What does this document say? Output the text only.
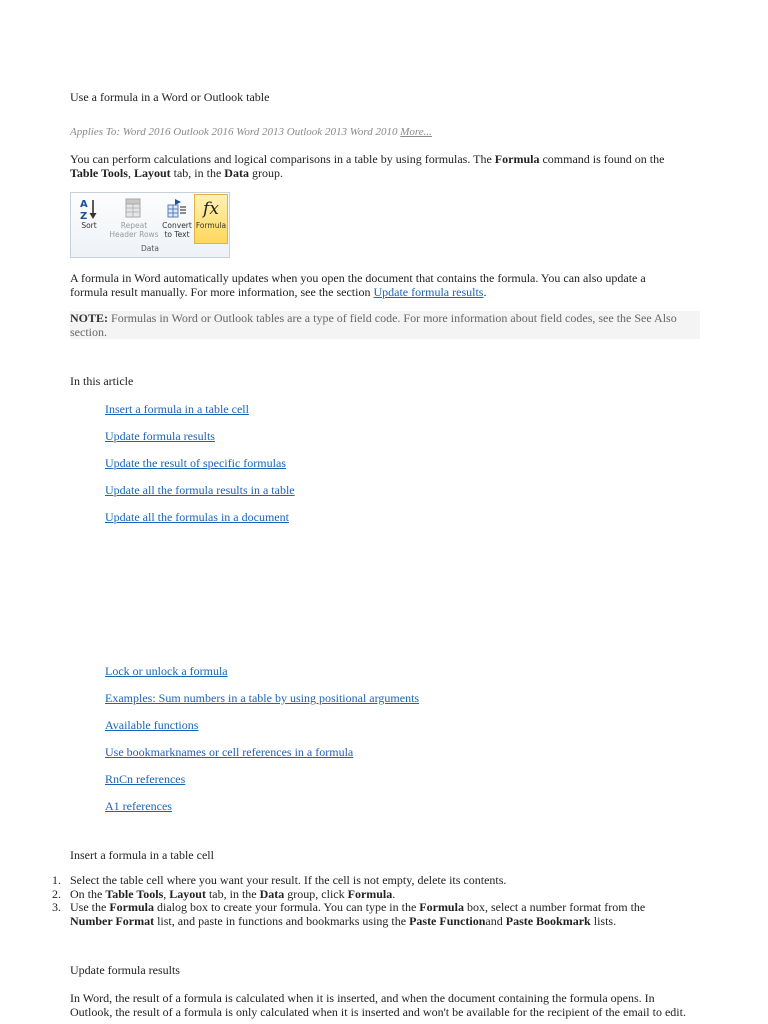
Use a formula in a Word or Outlook table
Applies To: Word 2016 Outlook 2016 Word 2013 Outlook 2013 Word 2010 More...
You can perform calculations and logical comparisons in a table by using formulas. The Formula command is found on the Table Tools, Layout tab, in the Data group.
A
Z
Sort	Repeat
Header Rows
Convert
to Text
fx
Formula
Data
A formula in Word automatically updates when you open the document that contains the formula. You can also update a formula result manually. For more information, see the section Update formula results.
NOTE: Formulas in Word or Outlook tables are a type of field code. For more information about field codes, see the See Also section.
In this article
Insert a formula in a table cell
Update formula results
Update the result of specific formulas
Update all the formula results in a table
Update all the formulas in a document
Lock or unlock a formula
Examples: Sum numbers in a table by using positional arguments
Available functions
Use bookmarknames or cell references in a formula
RnCn references
A1 references
Insert a formula in a table cell
1. Select the table cell where you want your result. If the cell is not empty, delete its contents.
2. On the Table Tools, Layout tab, in the Data group, click Formula.
3. Use the Formula dialog box to create your formula. You can type in the Formula box, select a number format from the Number Format list, and paste in functions and bookmarks using the Paste Functionand Paste Bookmark lists.
Update formula results
In Word, the result of a formula is calculated when it is inserted, and when the document containing the formula opens. In Outlook, the result of a formula is only calculated when it is inserted and won't be available for the recipient of the email to edit.
